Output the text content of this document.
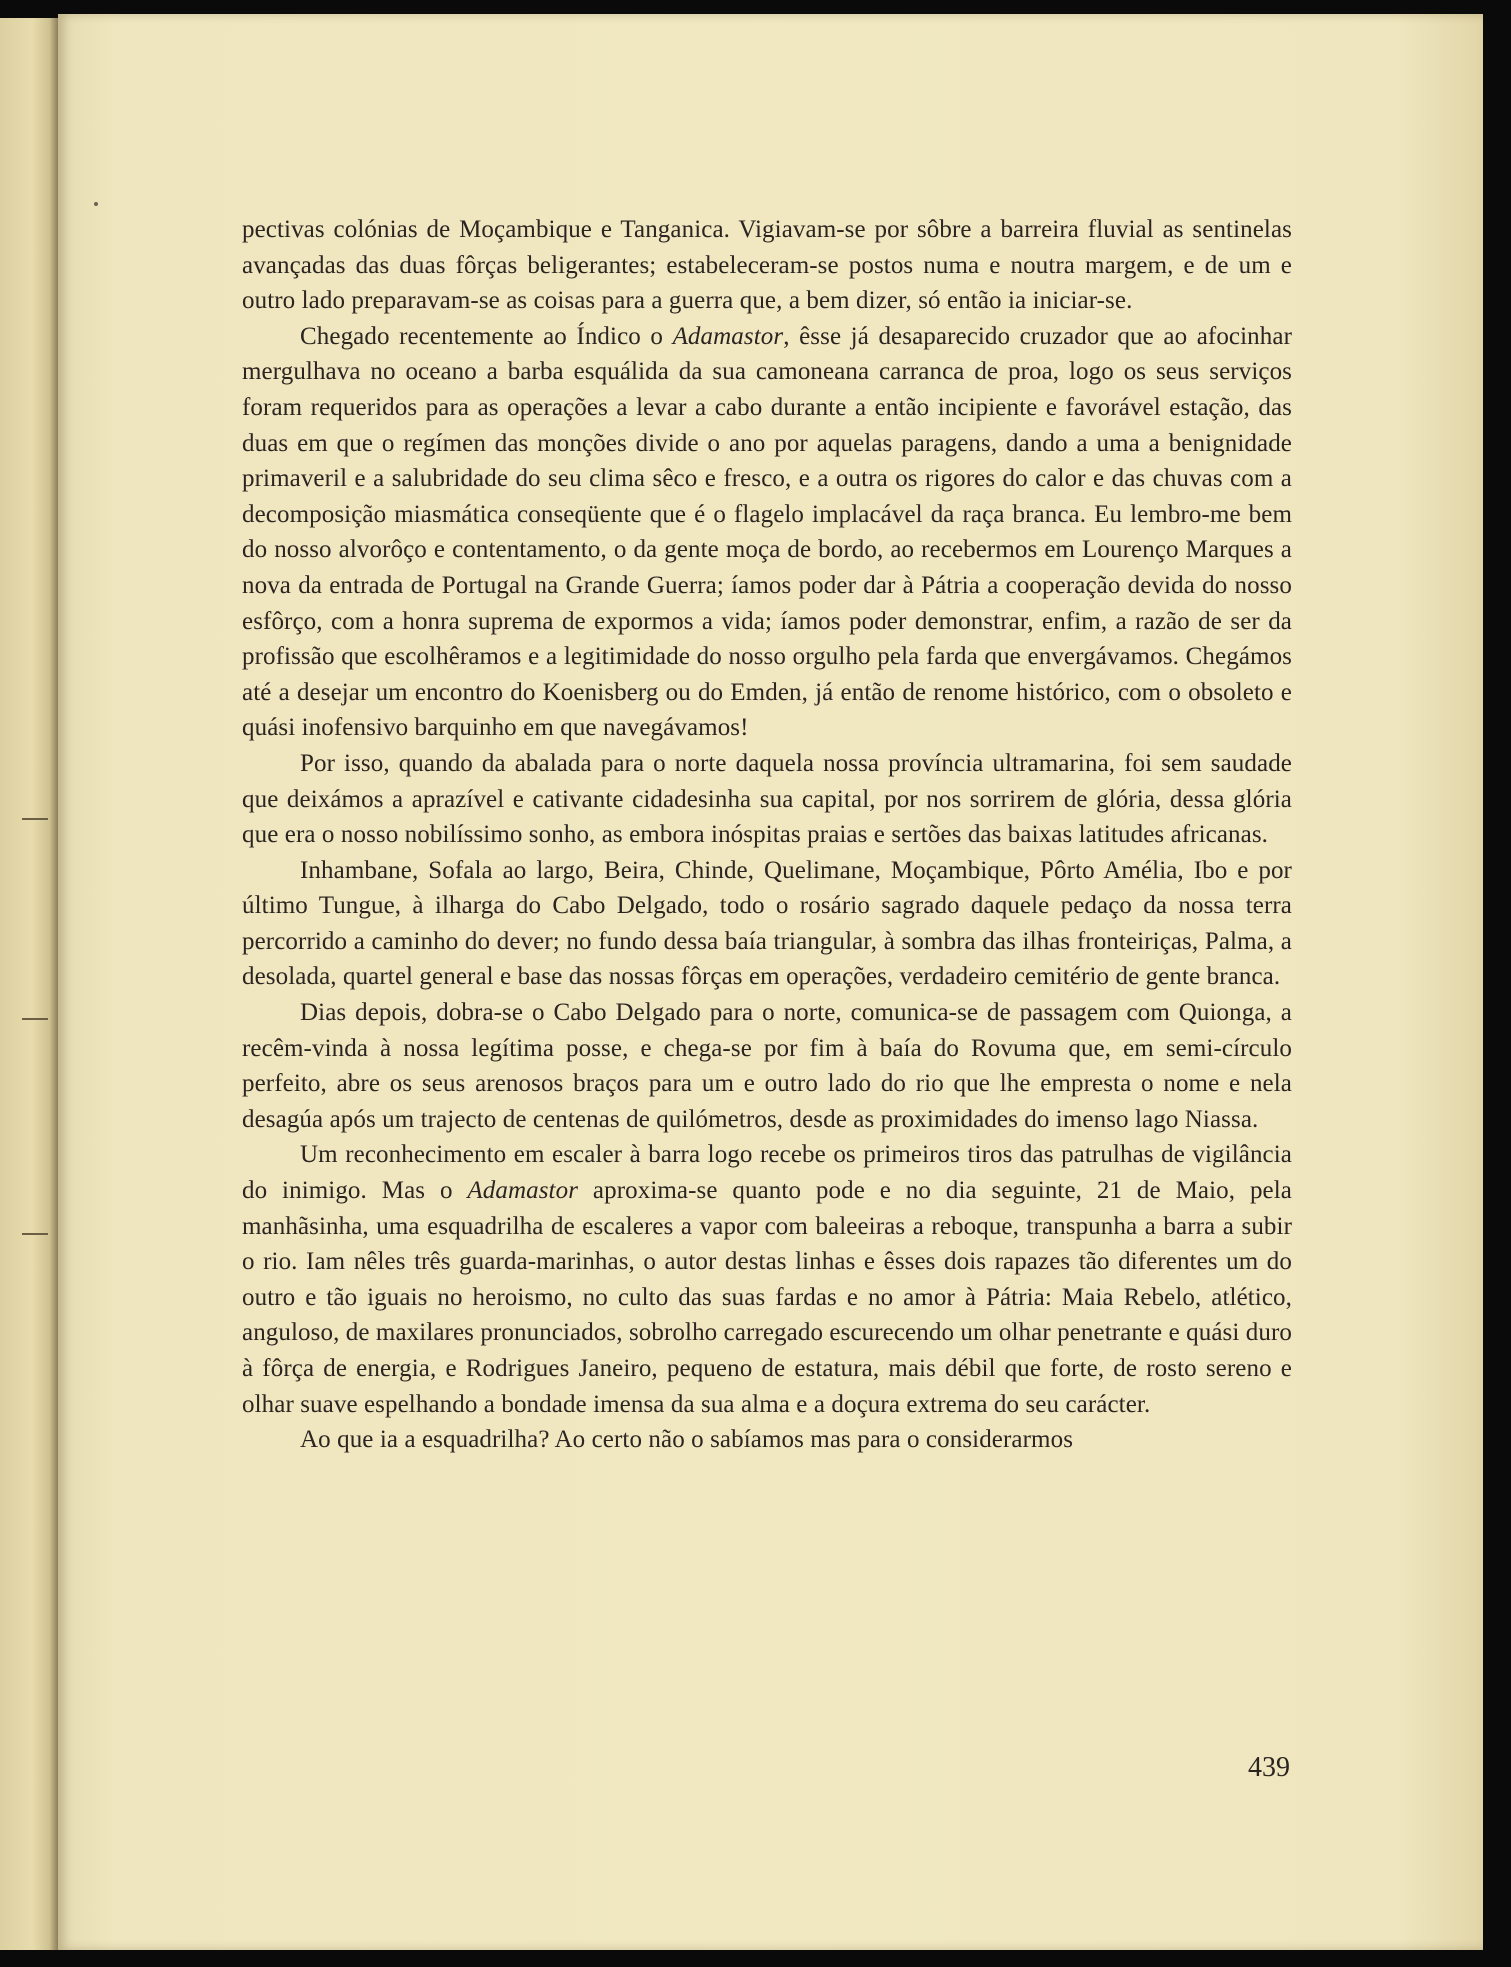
pectivas colónias de Moçambique e Tanganica. Vigiavam-se por sôbre a barreira fluvial as sentinelas avançadas das duas fôrças beligerantes; estabeleceram-se postos numa e noutra margem, e de um e outro lado preparavam-se as coisas para a guerra que, a bem dizer, só então ia iniciar-se.

Chegado recentemente ao Índico o Adamastor, êsse já desaparecido cruzador que ao afocinhar mergulhava no oceano a barba esquálida da sua camoneana carranca de proa, logo os seus serviços foram requeridos para as operações a levar a cabo durante a então incipiente e favorável estação, das duas em que o regímen das monções divide o ano por aquelas paragens, dando a uma a benignidade primaveril e a salubridade do seu clima sêco e fresco, e a outra os rigores do calor e das chuvas com a decomposição miasmática conseqüente que é o flagelo implacável da raça branca. Eu lembro-me bem do nosso alvorôço e contentamento, o da gente moça de bordo, ao recebermos em Lourenço Marques a nova da entrada de Portugal na Grande Guerra; íamos poder dar à Pátria a cooperação devida do nosso esfôrço, com a honra suprema de expormos a vida; íamos poder demonstrar, enfim, a razão de ser da profissão que escolhêramos e a legitimidade do nosso orgulho pela farda que envergávamos. Chegámos até a desejar um encontro do Koenisberg ou do Emden, já então de renome histórico, com o obsoleto e quási inofensivo barquinho em que navegávamos!

Por isso, quando da abalada para o norte daquela nossa província ultramarina, foi sem saudade que deixámos a aprazível e cativante cidadesinha sua capital, por nos sorrirem de glória, dessa glória que era o nosso nobilíssimo sonho, as embora inóspitas praias e sertões das baixas latitudes africanas.

Inhambane, Sofala ao largo, Beira, Chinde, Quelimane, Moçambique, Pôrto Amélia, Ibo e por último Tungue, à ilharga do Cabo Delgado, todo o rosário sagrado daquele pedaço da nossa terra percorrido a caminho do dever; no fundo dessa baía triangular, à sombra das ilhas fronteiriças, Palma, a desolada, quartel general e base das nossas fôrças em operações, verdadeiro cemitério de gente branca.

Dias depois, dobra-se o Cabo Delgado para o norte, comunica-se de passagem com Quionga, a recêm-vinda à nossa legítima posse, e chega-se por fim à baía do Rovuma que, em semi-círculo perfeito, abre os seus arenosos braços para um e outro lado do rio que lhe empresta o nome e nela desagúa após um trajecto de centenas de quilómetros, desde as proximidades do imenso lago Niassa.

Um reconhecimento em escaler à barra logo recebe os primeiros tiros das patrulhas de vigilância do inimigo. Mas o Adamastor aproxima-se quanto pode e no dia seguinte, 21 de Maio, pela manhãsinha, uma esquadrilha de escaleres a vapor com baleeiras a reboque, transpunha a barra a subir o rio. Iam nêles três guarda-marinhas, o autor destas linhas e êsses dois rapazes tão diferentes um do outro e tão iguais no heroismo, no culto das suas fardas e no amor à Pátria: Maia Rebelo, atlético, anguloso, de maxilares pronunciados, sobrolho carregado escurecendo um olhar penetrante e quási duro à fôrça de energia, e Rodrigues Janeiro, pequeno de estatura, mais débil que forte, de rosto sereno e olhar suave espelhando a bondade imensa da sua alma e a doçura extrema do seu carácter.

Ao que ia a esquadrilha? Ao certo não o sabíamos mas para o considerarmos

439
